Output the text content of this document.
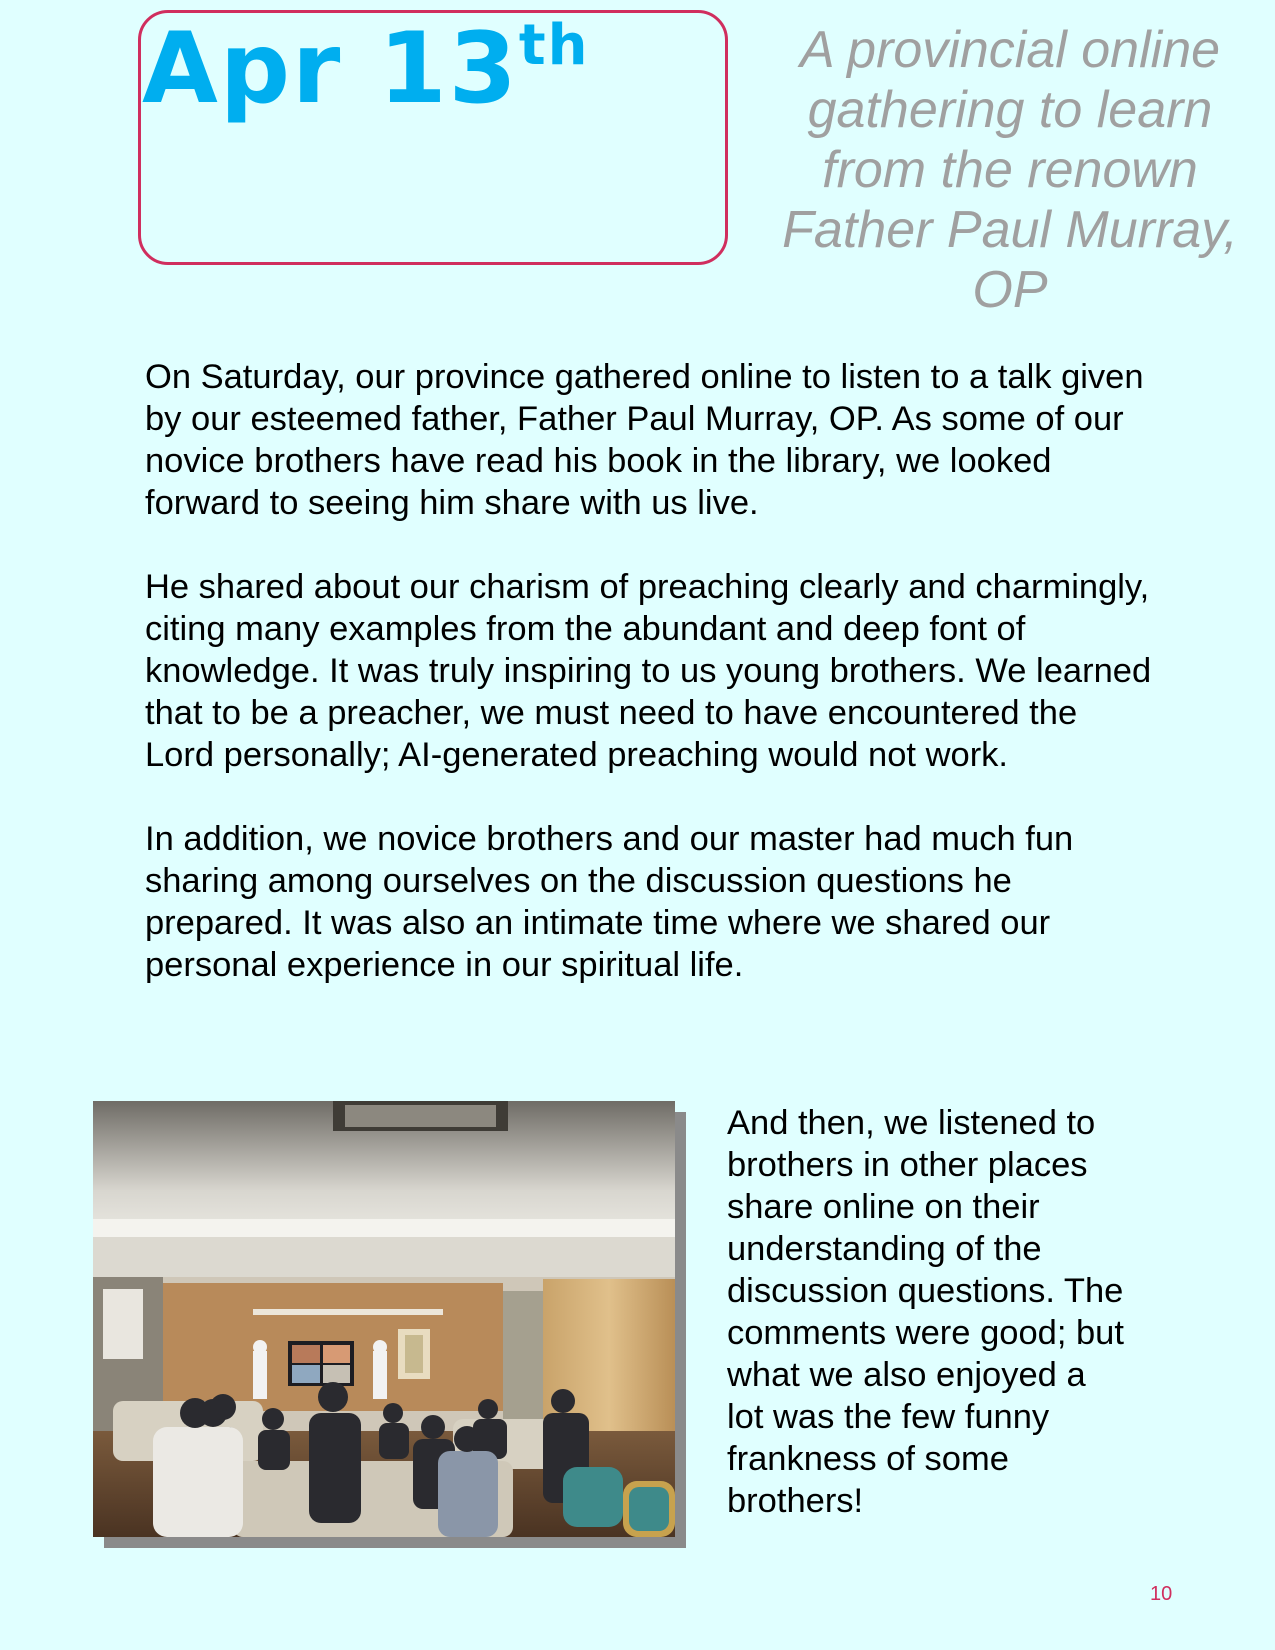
Apr 13th	A provincial online gathering to learn from the renown Father Paul Murray, OP

On Saturday, our province gathered online to listen to a talk given by our esteemed father, Father Paul Murray, OP. As some of our novice brothers have read his book in the library, we looked forward to seeing him share with us live.

He shared about our charism of preaching clearly and charmingly, citing many examples from the abundant and deep font of knowledge. It was truly inspiring to us young brothers. We learned that to be a preacher, we must need to have encountered the Lord personally; AI-generated preaching would not work.

In addition, we novice brothers and our master had much fun sharing among ourselves on the discussion questions he prepared. It was also an intimate time where we shared our personal experience in our spiritual life.

And then, we listened to brothers in other places share online on their understanding of the discussion questions. The comments were good; but what we also enjoyed a lot was the few funny frankness of some brothers!

10
